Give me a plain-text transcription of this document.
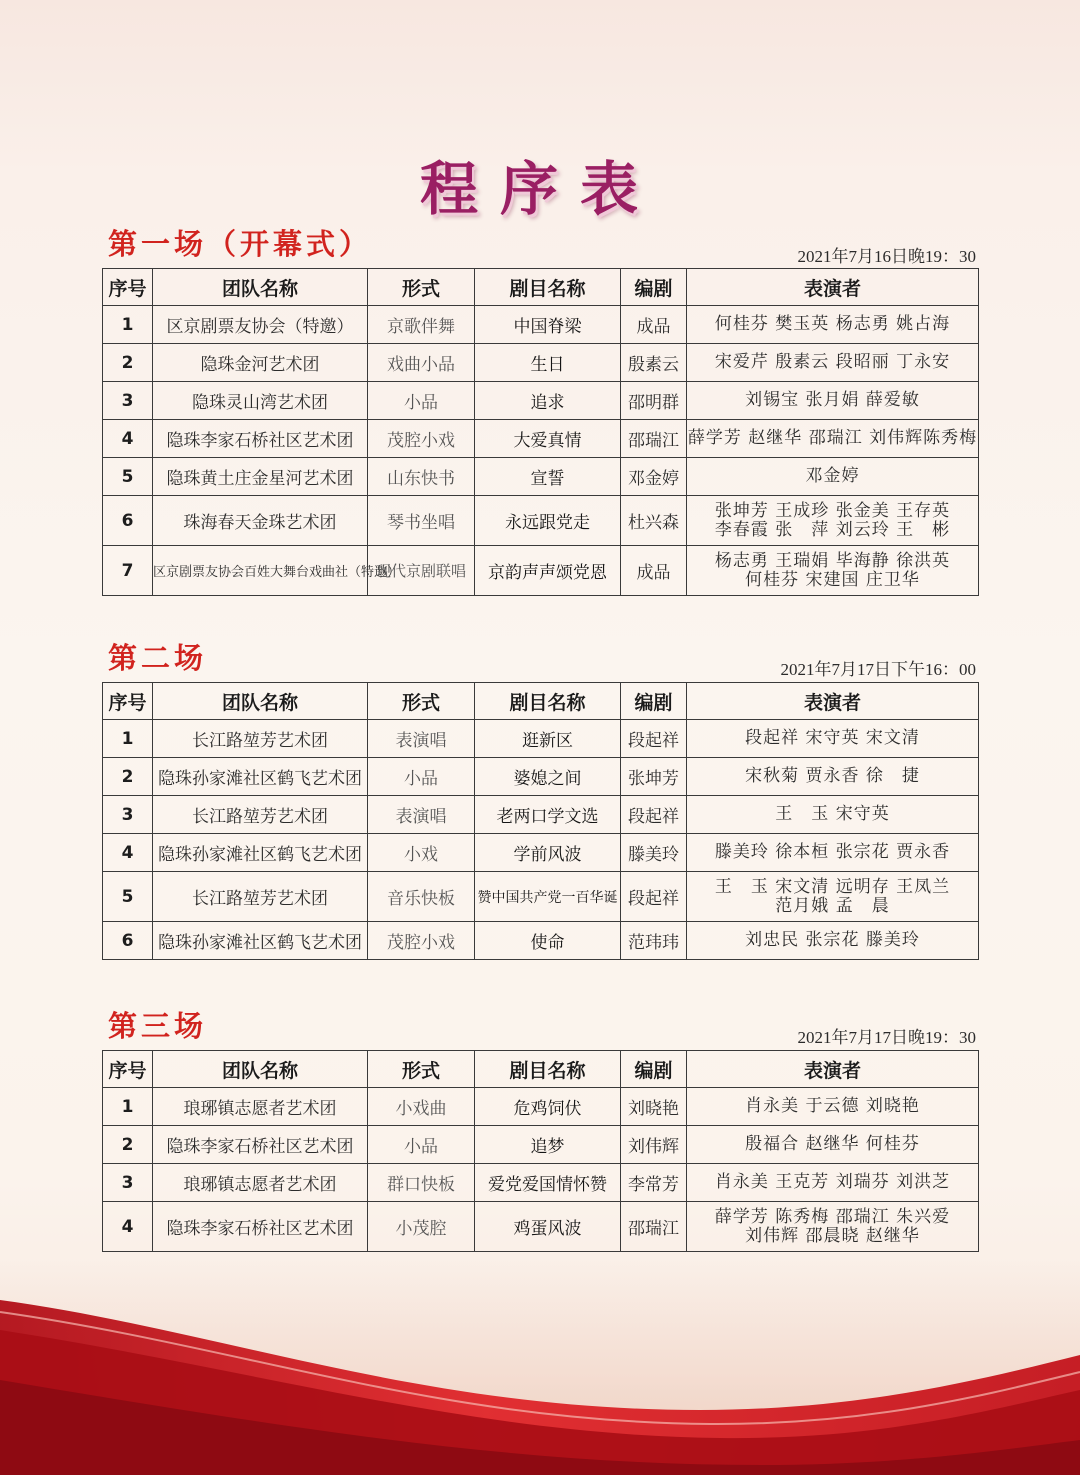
程序表
第一场（开幕式）	2021年7月16日晚19：30
序号	团队名称	形式	剧目名称	编剧	表演者
1	区京剧票友协会（特邀）	京歌伴舞	中国脊梁	成品	何桂芬 樊玉英 杨志勇 姚占海

2	隐珠金河艺术团	戏曲小品	生日	殷素云	宋爱芹 殷素云 段昭丽 丁永安

3	隐珠灵山湾艺术团	小品	追求	邵明群	刘锡宝 张月娟 薛爱敏

4	隐珠李家石桥社区艺术团	茂腔小戏	大爱真情	邵瑞江	薛学芳 赵继华 邵瑞江 刘伟辉陈秀梅

5	隐珠黄土庄金星河艺术团	山东快书	宣誓	邓金婷	邓金婷

6	珠海春天金珠艺术团	琴书坐唱	永远跟党走	杜兴森	张坤芳 王成珍 张金美 王存英
李春霞 张　萍 刘云玲 王　彬

7	区京剧票友协会百姓大舞台戏曲社（特邀）	现代京剧联唱	京韵声声颂党恩	成品	杨志勇 王瑞娟 毕海静 徐洪英
何桂芬 宋建国 庄卫华
第二场	2021年7月17日下午16：00
序号	团队名称	形式	剧目名称	编剧	表演者
1	长江路堃芳艺术团	表演唱	逛新区	段起祥	段起祥 宋守英 宋文清

2	隐珠孙家滩社区鹤飞艺术团	小品	婆媳之间	张坤芳	宋秋菊 贾永香 徐　捷

3	长江路堃芳艺术团	表演唱	老两口学文选	段起祥	王　玉 宋守英

4	隐珠孙家滩社区鹤飞艺术团	小戏	学前风波	滕美玲	滕美玲 徐本桓 张宗花 贾永香

5	长江路堃芳艺术团	音乐快板	赞中国共产党一百华诞	段起祥	王　玉 宋文清 远明存 王凤兰
范月娥 孟　晨

6	隐珠孙家滩社区鹤飞艺术团	茂腔小戏	使命	范玮玮	刘忠民 张宗花 滕美玲
第三场	2021年7月17日晚19：30
序号	团队名称	形式	剧目名称	编剧	表演者
1	琅琊镇志愿者艺术团	小戏曲	危鸡饲伏	刘晓艳	肖永美 于云德 刘晓艳

2	隐珠李家石桥社区艺术团	小品	追梦	刘伟辉	殷福合 赵继华 何桂芬

3	琅琊镇志愿者艺术团	群口快板	爱党爱国情怀赞	李常芳	肖永美 王克芳 刘瑞芬 刘洪芝

4	隐珠李家石桥社区艺术团	小茂腔	鸡蛋风波	邵瑞江	薛学芳 陈秀梅 邵瑞江 朱兴爱
刘伟辉 邵晨晓 赵继华
